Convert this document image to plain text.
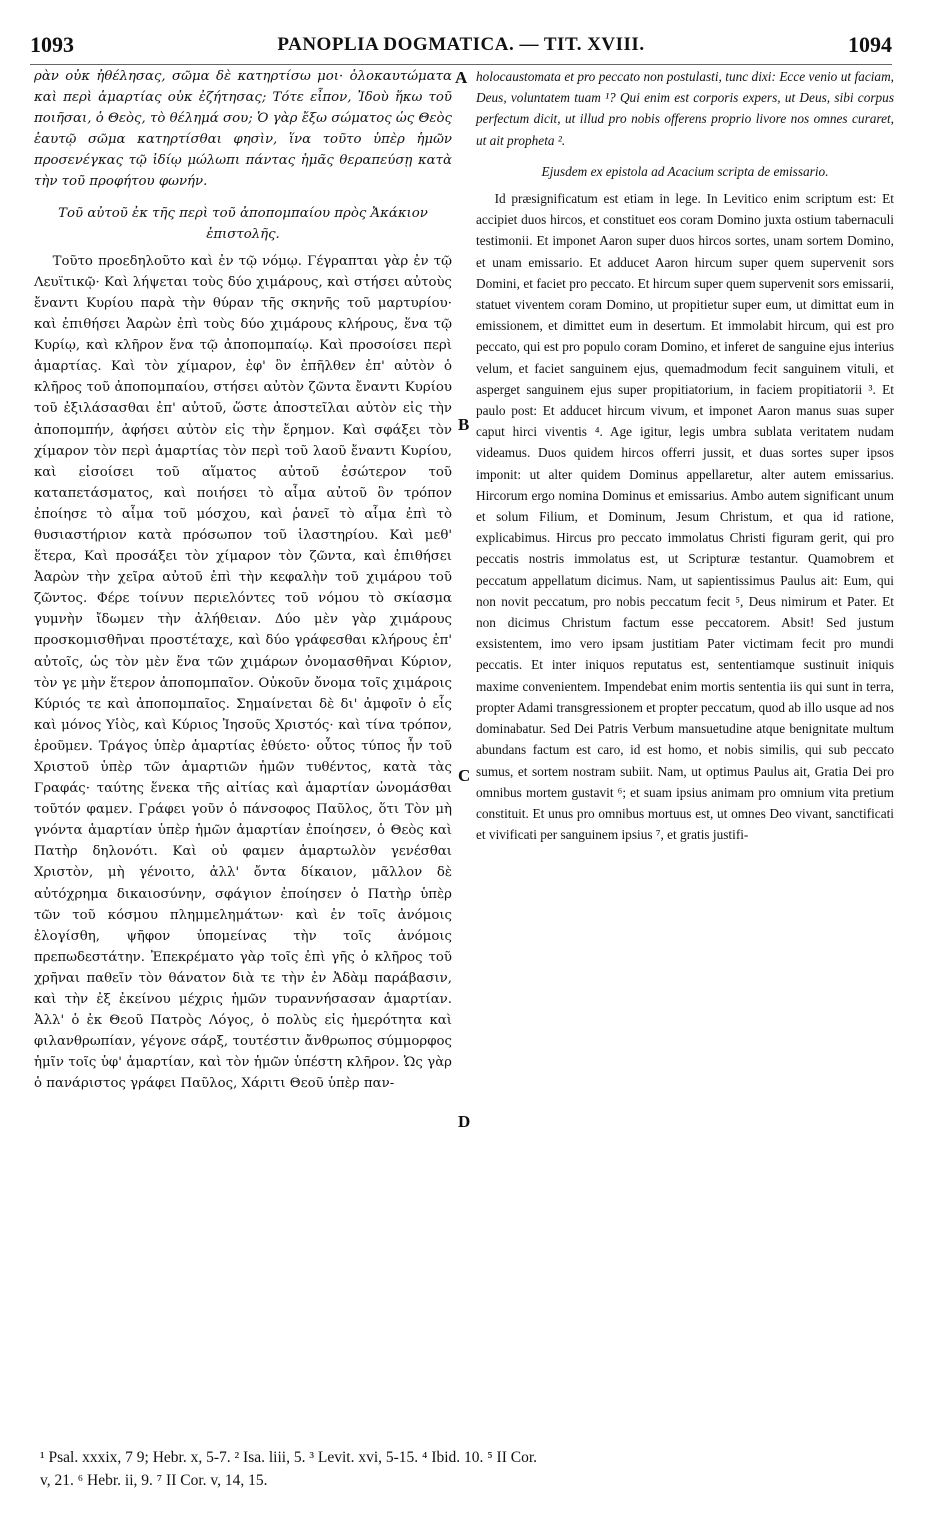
1093	PANOPLIA DOGMATICA. — TIT. XVIII.	1094

ρὰν οὐκ ἠθέλησας, σῶμα δὲ κατηρτίσω μοι· ὁλοκαυτώματα καὶ περὶ ἁμαρτίας οὐκ ἐζήτησας; Τότε εἶπον, Ἰδοὺ ἥκω τοῦ ποιῆσαι, ὁ Θεὸς, τὸ θέλημά σου; Ὁ γὰρ ἔξω σώματος ὡς Θεὸς ἑαυτῷ σῶμα κατηρτίσθαι φησὶν, ἵνα τοῦτο ὑπὲρ ἡμῶν προσενέγκας τῷ ἰδίῳ μώλωπι πάντας ἡμᾶς θεραπεύσῃ κατὰ τὴν τοῦ προφήτου φωνήν.

Τοῦ αὐτοῦ ἐκ τῆς περὶ τοῦ ἀποπομπαίου πρὸς Ἀκάκιον ἐπιστολῆς.

Τοῦτο προεδηλοῦτο καὶ ἐν τῷ νόμῳ. Γέγραπται γὰρ ἐν τῷ Λευϊτικῷ· Καὶ λήψεται τοὺς δύο χιμάρους, καὶ στήσει αὐτοὺς ἔναντι Κυρίου παρὰ τὴν θύραν τῆς σκηνῆς τοῦ μαρτυρίου· καὶ ἐπιθήσει Ἀαρὼν ἐπὶ τοὺς δύο χιμάρους κλήρους, ἕνα τῷ Κυρίῳ, καὶ κλῆρον ἕνα τῷ ἀποπομπαίῳ. Καὶ προσοίσει περὶ ἁμαρτίας. Καὶ τὸν χίμαρον, ἐφ' ὃν ἐπῆλθεν ἐπ' αὐτὸν ὁ κλῆρος τοῦ ἀποπομπαίου, στήσει αὐτὸν ζῶντα ἔναντι Κυρίου τοῦ ἐξιλάσασθαι ἐπ' αὐτοῦ, ὥστε ἀποστεῖλαι αὐτὸν εἰς τὴν ἀποπομπήν, ἀφήσει αὐτὸν εἰς τὴν ἔρημον. Καὶ σφάξει τὸν χίμαρον τὸν περὶ ἁμαρτίας τὸν περὶ τοῦ λαοῦ ἔναντι Κυρίου, καὶ εἰσοίσει τοῦ αἵματος αὐτοῦ ἐσώτερον τοῦ καταπετάσματος, καὶ ποιήσει τὸ αἷμα αὐτοῦ ὃν τρόπον ἐποίησε τὸ αἷμα τοῦ μόσχου, καὶ ῥανεῖ τὸ αἷμα ἐπὶ τὸ θυσιαστήριον κατὰ πρόσωπον τοῦ ἱλαστηρίου. Καὶ μεθ' ἕτερα, Καὶ προσάξει τὸν χίμαρον τὸν ζῶντα, καὶ ἐπιθήσει Ἀαρὼν τὴν χεῖρα αὐτοῦ ἐπὶ τὴν κεφαλὴν τοῦ χιμάρου τοῦ ζῶντος. Φέρε τοίνυν περιελόντες τοῦ νόμου τὸ σκίασμα γυμνὴν ἴδωμεν τὴν ἀλήθειαν. Δύο μὲν γὰρ χιμάρους προσκομισθῆναι προστέταχε, καὶ δύο γράφεσθαι κλήρους ἐπ' αὐτοῖς, ὡς τὸν μὲν ἕνα τῶν χιμάρων ὀνομασθῆναι Κύριον, τὸν γε μὴν ἕτερον ἀποπομπαῖον. Οὐκοῦν ὄνομα τοῖς χιμάροις Κύριός τε καὶ ἀποπομπαῖος. Σημαίνεται δὲ δι' ἀμφοῖν ὁ εἷς καὶ μόνος Υἱὸς, καὶ Κύριος Ἰησοῦς Χριστός· καὶ τίνα τρόπον, ἐροῦμεν. Τράγος ὑπὲρ ἁμαρτίας ἐθύετο· οὗτος τύπος ἦν τοῦ Χριστοῦ ὑπὲρ τῶν ἁμαρτιῶν ἡμῶν τυθέντος, κατὰ τὰς Γραφάς· ταύτης ἕνεκα τῆς αἰτίας καὶ ἁμαρτίαν ὠνομάσθαι τοῦτόν φαμεν. Γράφει γοῦν ὁ πάνσοφος Παῦλος, ὅτι Τὸν μὴ γνόντα ἁμαρτίαν ὑπὲρ ἡμῶν ἁμαρτίαν ἐποίησεν, ὁ Θεὸς καὶ Πατὴρ δηλονότι. Καὶ οὐ φαμεν ἁμαρτωλὸν γενέσθαι Χριστὸν, μὴ γένοιτο, ἀλλ' ὄντα δίκαιον, μᾶλλον δὲ αὐτόχρημα δικαιοσύνην, σφάγιον ἐποίησεν ὁ Πατὴρ ὑπὲρ τῶν τοῦ κόσμου πλημμελημάτων· καὶ ἐν τοῖς ἀνόμοις ἐλογίσθη, ψῆφον ὑπομείνας τὴν τοῖς ἀνόμοις πρεπωδεστάτην. Ἐπεκρέματο γὰρ τοῖς ἐπὶ γῆς ὁ κλῆρος τοῦ χρῆναι παθεῖν τὸν θάνατον διὰ τε τὴν ἐν Ἀδὰμ παράβασιν, καὶ τὴν ἐξ ἐκείνου μέχρις ἡμῶν τυραννήσασαν ἁμαρτίαν. Ἀλλ' ὁ ἐκ Θεοῦ Πατρὸς Λόγος, ὁ πολὺς εἰς ἡμερότητα καὶ φιλανθρωπίαν, γέγονε σάρξ, τουτέστιν ἄνθρωπος σύμμορφος ἡμῖν τοῖς ὑφ' ἁμαρτίαν, καὶ τὸν ἡμῶν ὑπέστη κλῆρον. Ὡς γὰρ ὁ πανάριστος γράφει Παῦλος, Χάριτι Θεοῦ ὑπὲρ παν-

holocaustomata et pro peccato non postulasti, tunc dixi: Ecce venio ut faciam, Deus, voluntatem tuam ¹? Qui enim est corporis expers, ut Deus, sibi corpus perfectum dicit, ut illud pro nobis offerens proprio livore nos omnes curaret, ut ait propheta ².

Ejusdem ex epistola ad Acacium scripta de emissario.

Id præsignificatum est etiam in lege. In Levitico enim scriptum est: Et accipiet duos hircos, et constituet eos coram Domino juxta ostium tabernaculi testimonii. Et imponet Aaron super duos hircos sortes, unam sortem Domino, et unam emissario. Et adducet Aaron hircum super quem supervenit sors Domini, et faciet pro peccato. Et hircum super quem supervenit sors emissarii, statuet viventem coram Domino, ut propitietur super eum, ut dimittat eum in emissionem, et dimittet eum in desertum. Et immolabit hircum, qui est pro peccato, qui est pro populo coram Domino, et inferet de sanguine ejus interius velum, et faciet sanguinem ejus, quemadmodum fecit sanguinem vituli, et asperget sanguinem ejus super propitiatorium, in faciem propitiatorii ³. Et paulo post: Et adducet hircum vivum, et imponet Aaron manus suas super caput hirci viventis ⁴. Age igitur, legis umbra sublata veritatem nudam videamus. Duos quidem hircos offerri jussit, et duas sortes super ipsos imponit: ut alter quidem Dominus appellaretur, alter autem emissarius. Hircorum ergo nomina Dominus et emissarius. Ambo autem significant unum et solum Filium, et Dominum, Jesum Christum, et qua id ratione, explicabimus. Hircus pro peccato immolatus Christi figuram gerit, qui pro peccatis nostris immolatus est, ut Scripturæ testantur. Quamobrem et peccatum appellatum dicimus. Nam, ut sapientissimus Paulus ait: Eum, qui non novit peccatum, pro nobis peccatum fecit ⁵, Deus nimirum et Pater. Et non dicimus Christum factum esse peccatorem. Absit! Sed justum exsistentem, imo vero ipsam justitiam Pater victimam fecit pro mundi peccatis. Et inter iniquos reputatus est, sententiamque sustinuit iniquis maxime convenientem. Impendebat enim mortis sententia iis qui sunt in terra, propter Adami transgressionem et propter peccatum, quod ab illo usque ad nos dominabatur. Sed Dei Patris Verbum mansuetudine atque benignitate multum abundans factum est caro, id est homo, et nobis similis, qui sub peccato sumus, et sortem nostram subiit. Nam, ut optimus Paulus ait, Gratia Dei pro omnibus mortem gustavit ⁶; et suam ipsius animam pro omnium vita pretium constituit. Et unus pro omnibus mortuus est, ut omnes Deo vivant, sanctificati et vivificati per sanguinem ipsius ⁷, et gratis justifi-

A
B
C
D

¹ Psal. xxxix, 7 9; Hebr. x, 5-7. ² Isa. liii, 5. ³ Levit. xvi, 5-15. ⁴ Ibid. 10. ⁵ II Cor.

v, 21. ⁶ Hebr. ii, 9. ⁷ II Cor. v, 14, 15.
